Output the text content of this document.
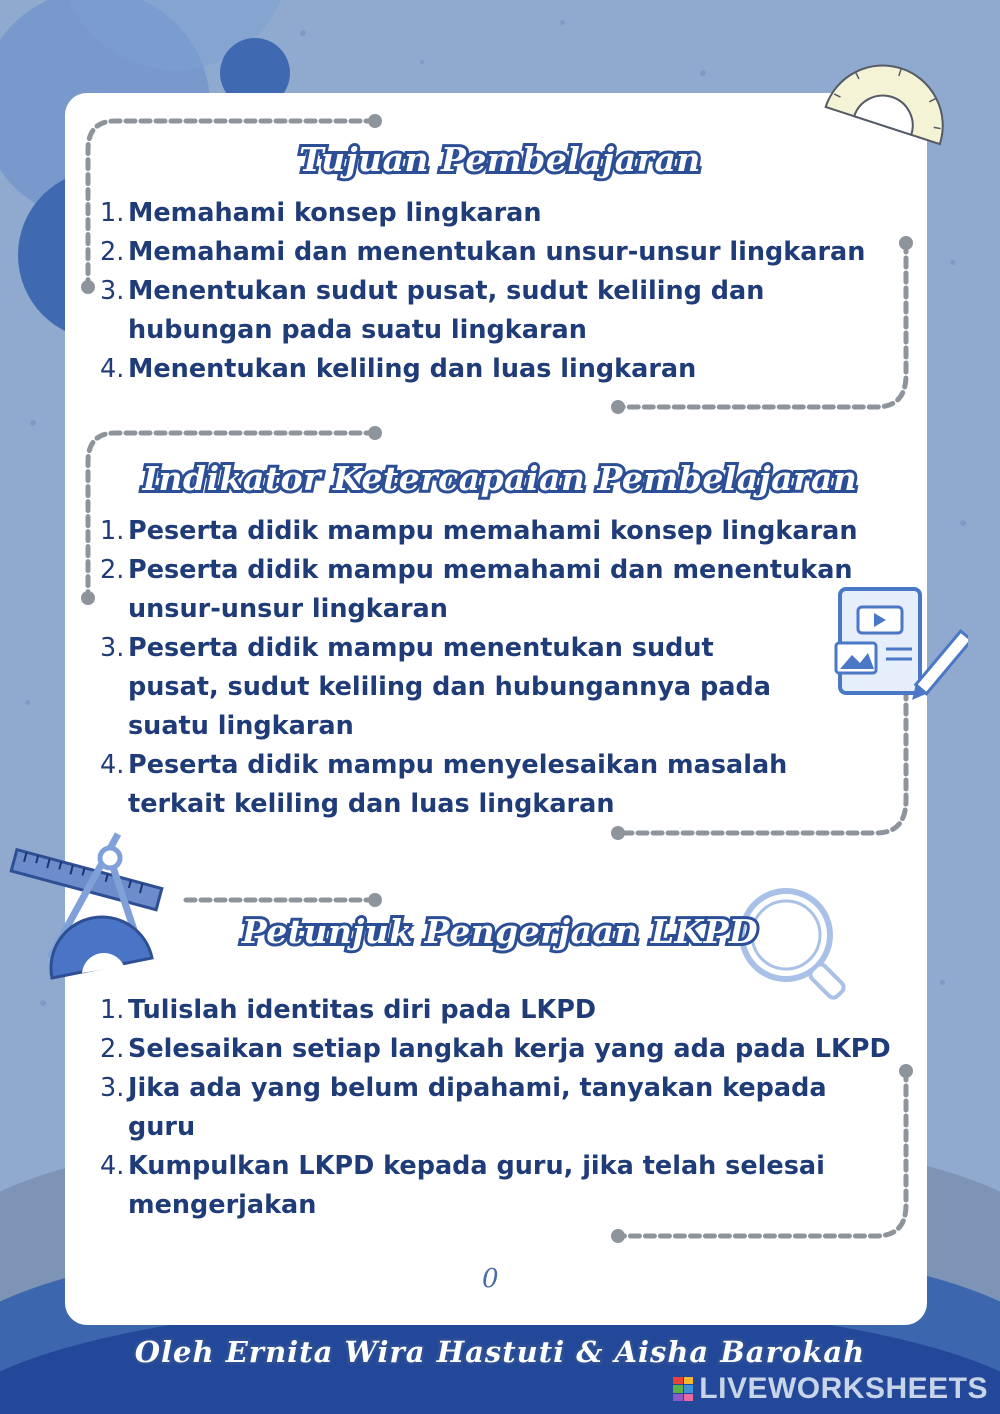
Tujuan Pembelajaran
1. Memahami konsep lingkaran
2. Memahami dan menentukan unsur-unsur lingkaran
3. Menentukan sudut pusat, sudut keliling dan hubungan pada suatu lingkaran
4. Menentukan keliling dan luas lingkaran
Indikator Ketercapaian Pembelajaran
1. Peserta didik mampu memahami konsep lingkaran
2. Peserta didik mampu memahami dan menentukan unsur-unsur lingkaran
3. Peserta didik mampu menentukan sudut pusat, sudut keliling dan hubungannya pada suatu lingkaran
4. Peserta didik mampu menyelesaikan masalah terkait keliling dan luas lingkaran
Petunjuk Pengerjaan LKPD
1. Tulislah identitas diri pada LKPD
2. Selesaikan setiap langkah kerja yang ada pada LKPD
3. Jika ada yang belum dipahami, tanyakan kepada guru
4. Kumpulkan LKPD kepada guru, jika telah selesai mengerjakan
0
Oleh Ernita Wira Hastuti & Aisha Barokah
LIVEWORKSHEETS
